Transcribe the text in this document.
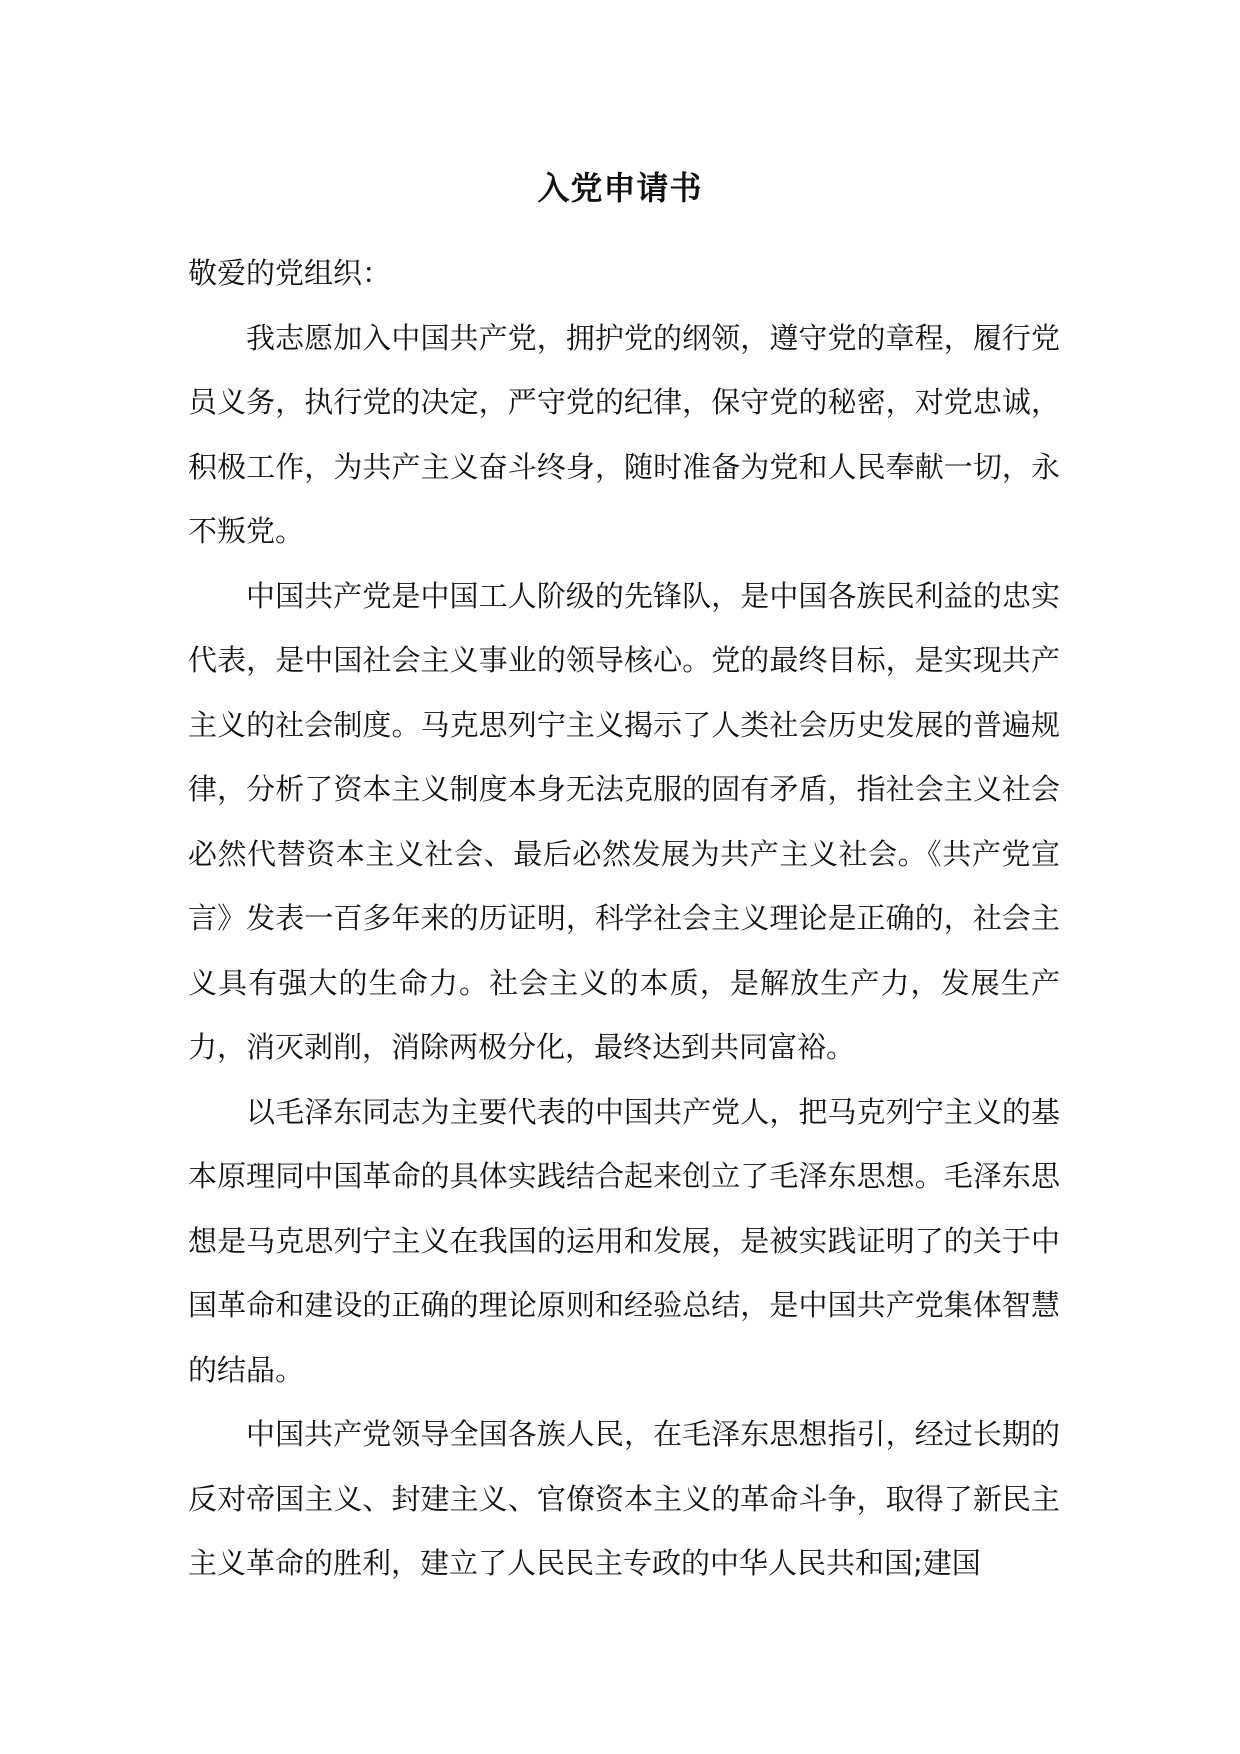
入党申请书

敬爱的党组织：

我志愿加入中国共产党，拥护党的纲领，遵守党的章程，履行党员义务，执行党的决定，严守党的纪律，保守党的秘密，对党忠诚，积极工作，为共产主义奋斗终身，随时准备为党和人民奉献一切，永不叛党。

中国共产党是中国工人阶级的先锋队，是中国各族民利益的忠实代表，是中国社会主义事业的领导核心。党的最终目标，是实现共产主义的社会制度。马克思列宁主义揭示了人类社会历史发展的普遍规律，分析了资本主义制度本身无法克服的固有矛盾，指社会主义社会必然代替资本主义社会、最后必然发展为共产主义社会。《共产党宣言》发表一百多年来的历证明，科学社会主义理论是正确的，社会主义具有强大的生命力。社会主义的本质，是解放生产力，发展生产力，消灭剥削，消除两极分化，最终达到共同富裕。

以毛泽东同志为主要代表的中国共产党人，把马克列宁主义的基本原理同中国革命的具体实践结合起来创立了毛泽东思想。毛泽东思想是马克思列宁主义在我国的运用和发展，是被实践证明了的关于中国革命和建设的正确的理论原则和经验总结，是中国共产党集体智慧的结晶。

中国共产党领导全国各族人民，在毛泽东思想指引，经过长期的反对帝国主义、封建主义、官僚资本主义的革命斗争，取得了新民主主义革命的胜利，建立了人民民主专政的中华人民共和国;建国
